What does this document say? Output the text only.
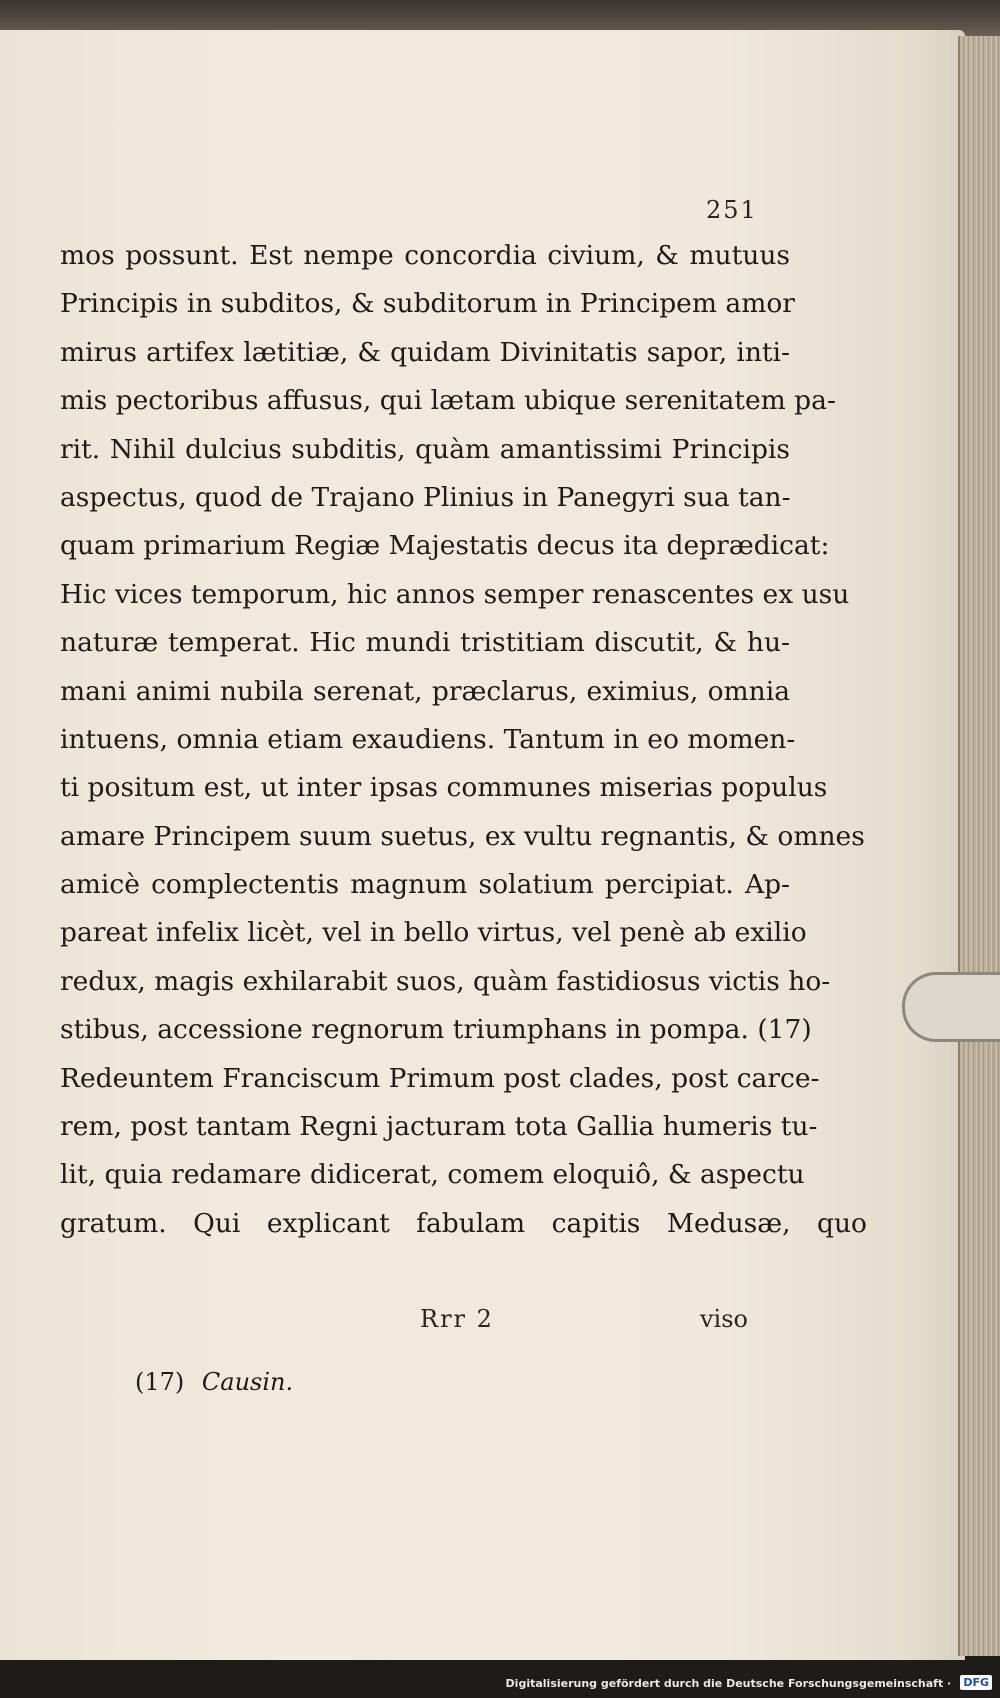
251
mos possunt. Est nempe concordia civium, & mutuus
Principis in subditos, & subditorum in Principem amor
mirus artifex lætitiæ, & quidam Divinitatis sapor, inti-
mis pectoribus affusus, qui lætam ubique serenitatem pa-
rit. Nihil dulcius subditis, quàm amantissimi Principis
aspectus, quod de Trajano Plinius in Panegyri sua tan-
quam primarium Regiæ Majestatis decus ita deprædicat:
Hic vices temporum, hic annos semper renascentes ex usu
naturæ temperat. Hic mundi tristitiam discutit, & hu-
mani animi nubila serenat, præclarus, eximius, omnia
intuens, omnia etiam exaudiens. Tantum in eo momen-
ti positum est, ut inter ipsas communes miserias populus
amare Principem suum suetus, ex vultu regnantis, & omnes
amicè complectentis magnum solatium percipiat. Ap-
pareat infelix licèt, vel in bello virtus, vel penè ab exilio
redux, magis exhilarabit suos, quàm fastidiosus victis ho-
stibus, accessione regnorum triumphans in pompa. (17)
Redeuntem Franciscum Primum post clades, post carce-
rem, post tantam Regni jacturam tota Gallia humeris tu-
lit, quia redamare didicerat, comem eloquiô, & aspectu
gratum. Qui explicant fabulam capitis Medusæ, quo
Rrr 2	viso
(17) Causin.
Digitalisierung gefördert durch die Deutsche Forschungsgemeinschaft · DFG
